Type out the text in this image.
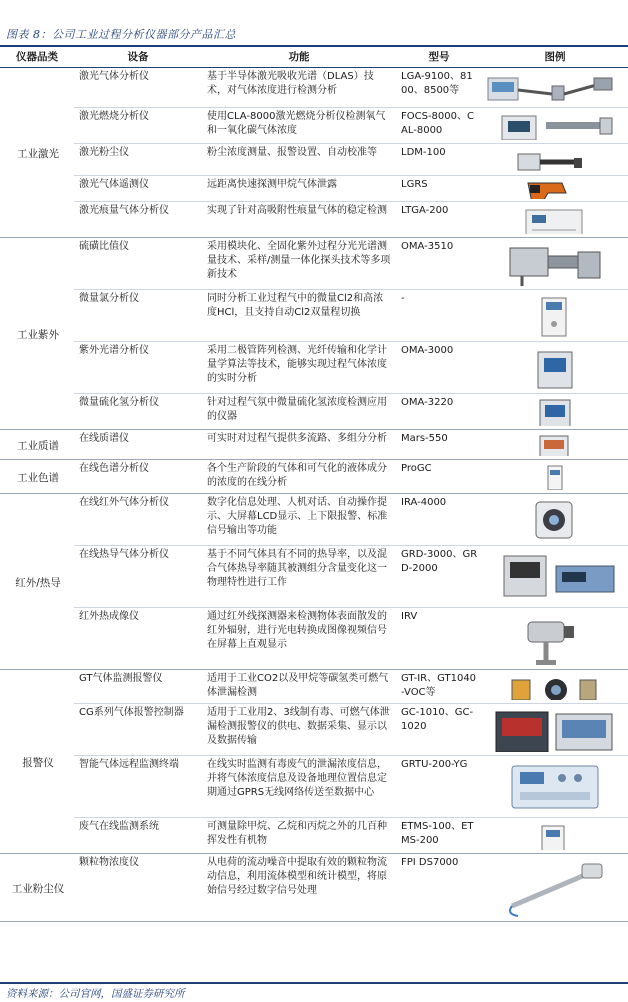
图表 8：公司工业过程分析仪器部分产品汇总
仪器品类	设备	功能	型号	图例
工业激光	激光气体分析仪	基于半导体激光吸收光谱（DLAS）技术，对气体浓度进行检测分析	LGA-9100、8100、8500等	

	激光燃烧分析仪	使用CLA-8000激光燃烧分析仪检测氧气和一氧化碳气体浓度	FOCS-8000、CAL-8000	

	激光粉尘仪	粉尘浓度测量、报警设置、自动校准等	LDM-100	

	激光气体遥测仪	远距离快速探测甲烷气体泄露	LGRS	

	激光痕量气体分析仪	实现了针对高吸附性痕量气体的稳定检测	LTGA-200	

工业紫外	硫磺比值仪	采用模块化、全固化紫外过程分光光谱测量技术、采样/测量一体化探头技术等多项新技术	OMA-3510	

	微量氯分析仪	同时分析工业过程气中的微量Cl2和高浓度HCl，且支持自动Cl2双量程切换	-	

	紫外光谱分析仪	采用二极管阵列检测、光纤传输和化学计量学算法等技术，能够实现过程气体浓度的实时分析	OMA-3000	

	微量硫化氢分析仪	针对过程气氛中微量硫化氢浓度检测应用的仪器	OMA-3220	

工业质谱	在线质谱仪	可实时对过程气提供多流路、多组分分析	Mars-550	

工业色谱	在线色谱分析仪	各个生产阶段的气体和可气化的液体成分的浓度的在线分析	ProGC	

红外/热导	在线红外气体分析仪	数字化信息处理、人机对话、自动操作提示、大屏幕LCD显示、上下限报警、标准信号输出等功能	IRA-4000	

	在线热导气体分析仪	基于不同气体具有不同的热导率，以及混合气体热导率随其被测组分含量变化这一物理特性进行工作	GRD-3000、GRD-2000	

	红外热成像仪	通过红外线探测器来检测物体表面散发的红外辐射，进行光电转换成图像视频信号在屏幕上直观显示	IRV	

报警仪	GT气体监测报警仪	适用于工业CO2以及甲烷等碳氢类可燃气体泄漏检测	GT-IR、GT1040-VOC等	

	CG系列气体报警控制器	适用于工业用2、3线制有毒、可燃气体泄漏检测报警仪的供电、数据采集、显示以及数据传输	GC-1010、GC-1020	

	智能气体远程监测终端	在线实时监测有毒废气的泄漏浓度信息，并将气体浓度信息及设备地理位置信息定期通过GPRS无线网络传送至数据中心	GRTU-200-YG	

	废气在线监测系统	可测量除甲烷、乙烷和丙烷之外的几百种挥发性有机物	ETMS-100、ETMS-200	

工业粉尘仪	颗粒物浓度仪	从电荷的流动噪音中提取有效的颗粒物流动信息，利用流体模型和统计模型，将原始信号经过数字信号处理	FPI DS7000	
资料来源：公司官网，国盛证券研究所
